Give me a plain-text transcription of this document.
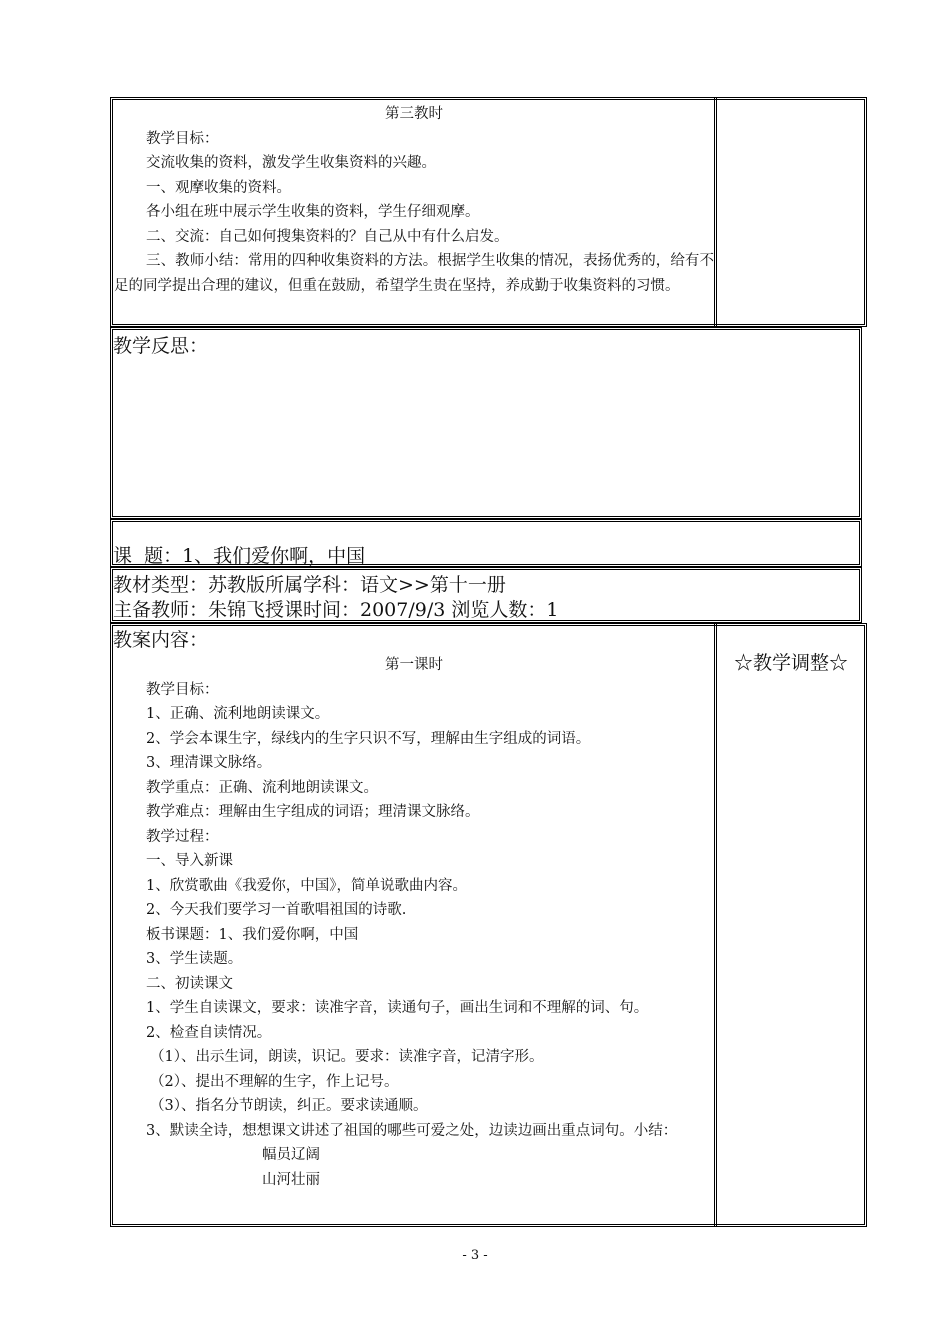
第三教时
教学目标：
交流收集的资料，激发学生收集资料的兴趣。
一、观摩收集的资料。
各小组在班中展示学生收集的资料，学生仔细观摩。
二、交流：自己如何搜集资料的？自己从中有什么启发。
三、教师小结：常用的四种收集资料的方法。根据学生收集的情况，表扬优秀的，给有不足的同学提出合理的建议，但重在鼓励，希望学生贵在坚持，养成勤于收集资料的习惯。
教学反思：
课  题：1、我们爱你啊，中国
教材类型：苏教版所属学科：语文>>第十一册
主备教师：朱锦飞授课时间：2007/9/3 浏览人数：1
教案内容：
☆教学调整☆
第一课时
教学目标：
1、正确、流利地朗读课文。
2、学会本课生字，绿线内的生字只识不写，理解由生字组成的词语。
3、理清课文脉络。
教学重点：正确、流利地朗读课文。
教学难点：理解由生字组成的词语；理清课文脉络。
教学过程：
一、导入新课
1、欣赏歌曲《我爱你，中国》，简单说歌曲内容。
2、今天我们要学习一首歌唱祖国的诗歌.
板书课题：1、我们爱你啊，中国
3、学生读题。
二、初读课文
1、学生自读课文，要求：读准字音，读通句子，画出生词和不理解的词、句。
2、检查自读情况。
（1）、出示生词，朗读，识记。要求：读准字音，记清字形。
（2）、提出不理解的生字，作上记号。
（3）、指名分节朗读，纠正。要求读通顺。
3、默读全诗，想想课文讲述了祖国的哪些可爱之处，边读边画出重点词句。小结：
幅员辽阔
山河壮丽
- 3 -
